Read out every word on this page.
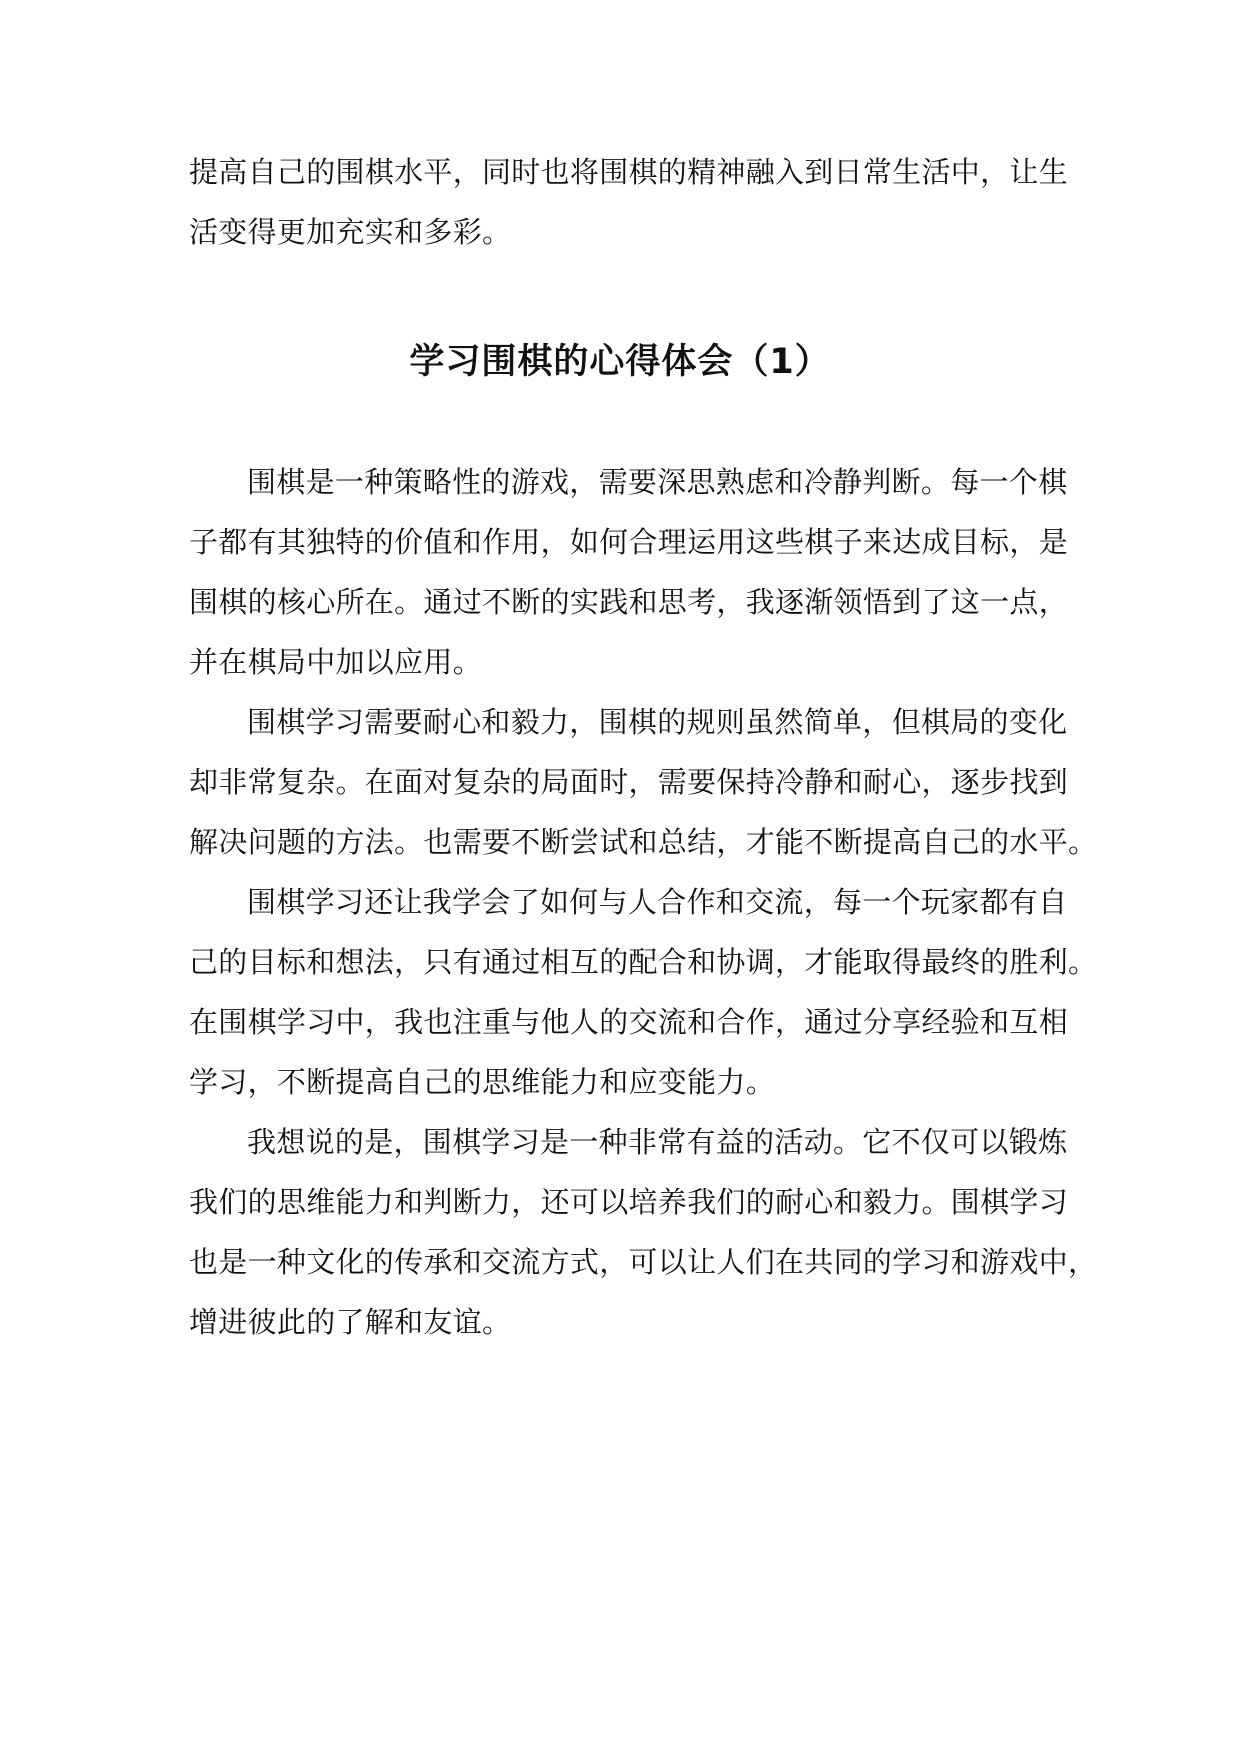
提高自己的围棋水平，同时也将围棋的精神融入到日常生活中，让生

活变得更加充实和多彩。

学习围棋的心得体会（1）

围棋是一种策略性的游戏，需要深思熟虑和冷静判断。每一个棋

子都有其独特的价值和作用，如何合理运用这些棋子来达成目标，是

围棋的核心所在。通过不断的实践和思考，我逐渐领悟到了这一点，

并在棋局中加以应用。

围棋学习需要耐心和毅力，围棋的规则虽然简单，但棋局的变化

却非常复杂。在面对复杂的局面时，需要保持冷静和耐心，逐步找到

解决问题的方法。也需要不断尝试和总结，才能不断提高自己的水平。

围棋学习还让我学会了如何与人合作和交流，每一个玩家都有自

己的目标和想法，只有通过相互的配合和协调，才能取得最终的胜利。

在围棋学习中，我也注重与他人的交流和合作，通过分享经验和互相

学习，不断提高自己的思维能力和应变能力。

我想说的是，围棋学习是一种非常有益的活动。它不仅可以锻炼

我们的思维能力和判断力，还可以培养我们的耐心和毅力。围棋学习

也是一种文化的传承和交流方式，可以让人们在共同的学习和游戏中，

增进彼此的了解和友谊。
